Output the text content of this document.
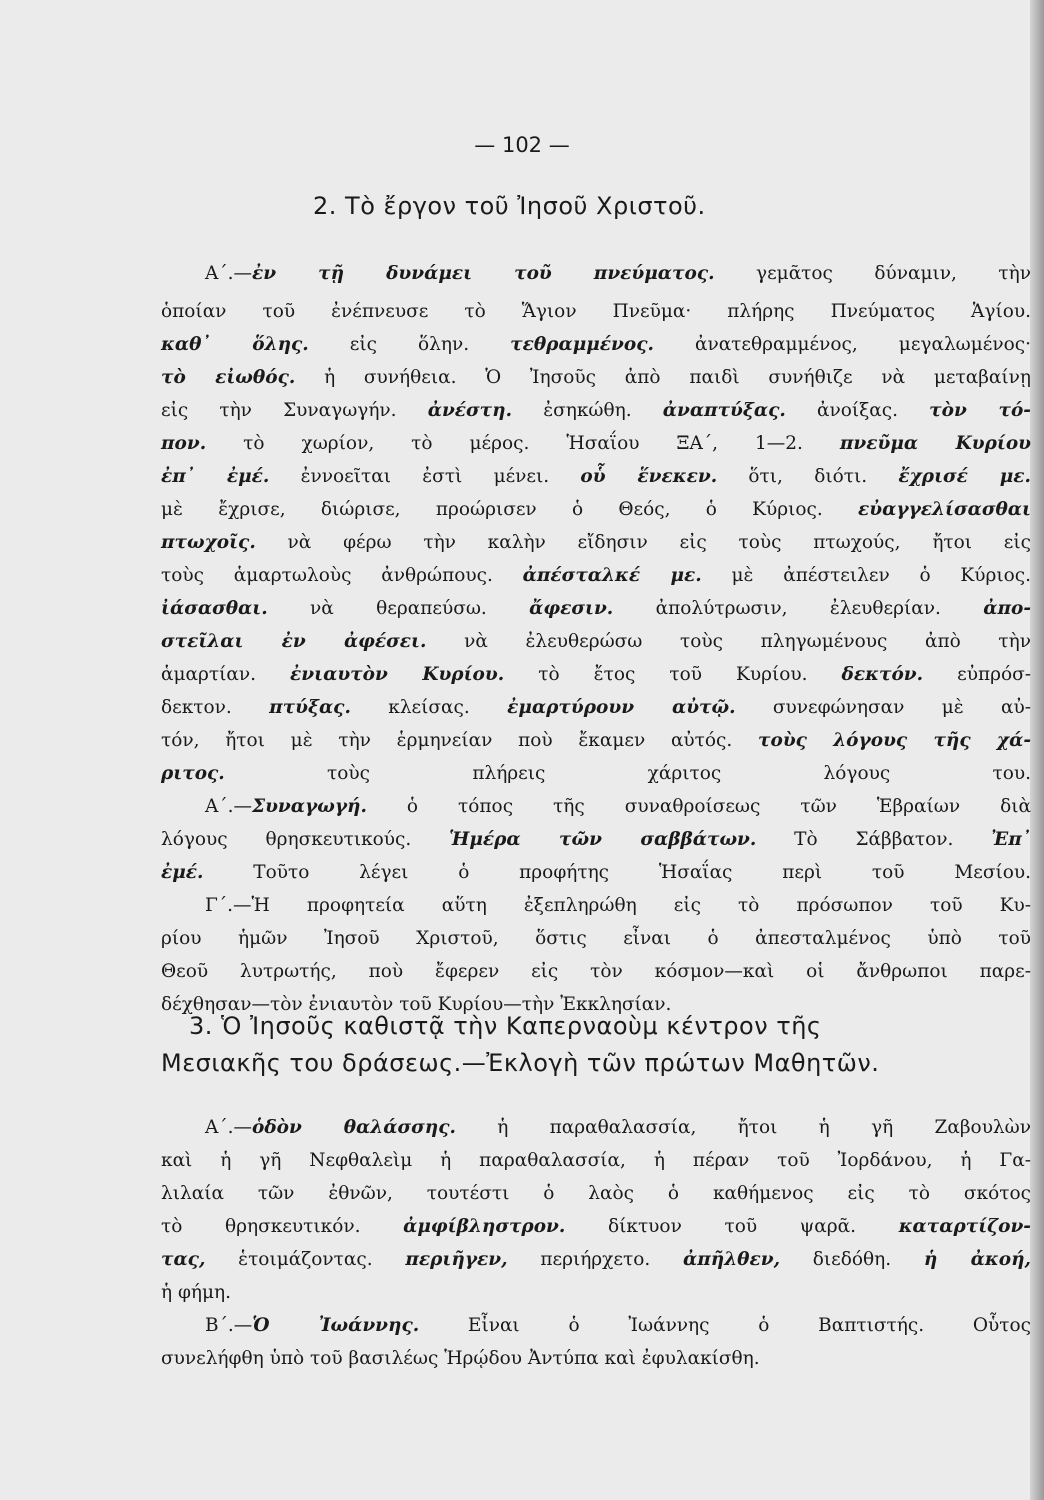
— 102 —
2. Τὸ ἔργον τοῦ Ἰησοῦ Χριστοῦ.
Α΄.—ἐν τῇ δυνάμει τοῦ πνεύματος. γεμᾶτος δύναμιν, τὴν
ὁποίαν τοῦ ἐνέπνευσε τὸ Ἅγιον Πνεῦμα· πλήρης Πνεύματος Ἁγίου.
καθ᾽ ὅλης. εἰς ὅλην. τεθραμμένος. ἀνατεθραμμένος, μεγαλωμένος·
τὸ εἰωθός. ἡ συνήθεια. Ὁ Ἰησοῦς ἀπὸ παιδὶ συνήθιζε νὰ μεταβαίνῃ
εἰς τὴν Συναγωγήν. ἀνέστη. ἐσηκώθη. ἀναπτύξας. ἀνοίξας. τὸν τό-
πον. τὸ χωρίον, τὸ μέρος. Ἡσαΐου ΞΑ΄, 1—2. πνεῦμα Κυρίου
ἐπ᾽ ἐμέ. ἐννοεῖται ἐστὶ μένει. οὗ ἕνεκεν. ὅτι, διότι. ἔχρισέ με.
μὲ ἔχρισε, διώρισε, προώρισεν ὁ Θεός, ὁ Κύριος. εὐαγγελίσασθαι
πτωχοῖς. νὰ φέρω τὴν καλὴν εἴδησιν εἰς τοὺς πτωχούς, ἤτοι εἰς
τοὺς ἁμαρτωλοὺς ἀνθρώπους. ἀπέσταλκέ με. μὲ ἀπέστειλεν ὁ Κύριος.
ἰάσασθαι. νὰ θεραπεύσω. ἄφεσιν. ἀπολύτρωσιν, ἐλευθερίαν. ἀπο-
στεῖλαι ἐν ἀφέσει. νὰ ἐλευθερώσω τοὺς πληγωμένους ἀπὸ τὴν
ἁμαρτίαν. ἐνιαυτὸν Κυρίου. τὸ ἔτος τοῦ Κυρίου. δεκτόν. εὐπρόσ-
δεκτον. πτύξας. κλείσας. ἐμαρτύρουν αὐτῷ. συνεφώνησαν μὲ αὐ-
τόν, ἤτοι μὲ τὴν ἑρμηνείαν ποὺ ἔκαμεν αὐτός. τοὺς λόγους τῆς χά-
ριτος. τοὺς πλήρεις χάριτος λόγους του.
Α΄.—Συναγωγή. ὁ τόπος τῆς συναθροίσεως τῶν Ἑβραίων διὰ
λόγους θρησκευτικούς. Ἡμέρα τῶν σαββάτων. Τὸ Σάββατον. Ἐπ᾽
ἐμέ. Τοῦτο λέγει ὁ προφήτης Ἡσαΐας περὶ τοῦ Μεσίου.
Γ΄.—Ἡ προφητεία αὕτη ἐξεπληρώθη εἰς τὸ πρόσωπον τοῦ Κυ-
ρίου ἡμῶν Ἰησοῦ Χριστοῦ, ὅστις εἶναι ὁ ἀπεσταλμένος ὑπὸ τοῦ
Θεοῦ λυτρωτής, ποὺ ἔφερεν εἰς τὸν κόσμον—καὶ οἱ ἄνθρωποι παρε-
δέχθησαν—τὸν ἐνιαυτὸν τοῦ Κυρίου—τὴν Ἐκκλησίαν.
3. Ὁ Ἰησοῦς καθιστᾷ τὴν Καπερναοὺμ κέντρον τῆς
Μεσιακῆς του δράσεως.—Ἐκλογὴ τῶν πρώτων Μαθητῶν.
Α΄.—ὁδὸν θαλάσσης. ἡ παραθαλασσία, ἤτοι ἡ γῆ Ζαβουλὼν
καὶ ἡ γῆ Νεφθαλεὶμ ἡ παραθαλασσία, ἡ πέραν τοῦ Ἰορδάνου, ἡ Γα-
λιλαία τῶν ἐθνῶν, τουτέστι ὁ λαὸς ὁ καθήμενος εἰς τὸ σκότος
τὸ θρησκευτικόν. ἀμφίβληστρον. δίκτυον τοῦ ψαρᾶ. καταρτίζον-
τας, ἑτοιμάζοντας. περιῆγεν, περιήρχετο. ἀπῆλθεν, διεδόθη. ἡ ἀκοή,
ἡ φήμη.
Β΄.—Ὁ Ἰωάννης. Εἶναι ὁ Ἰωάννης ὁ Βαπτιστής. Οὗτος
συνελήφθη ὑπὸ τοῦ βασιλέως Ἡρῴδου Ἀντύπα καὶ ἐφυλακίσθη.
